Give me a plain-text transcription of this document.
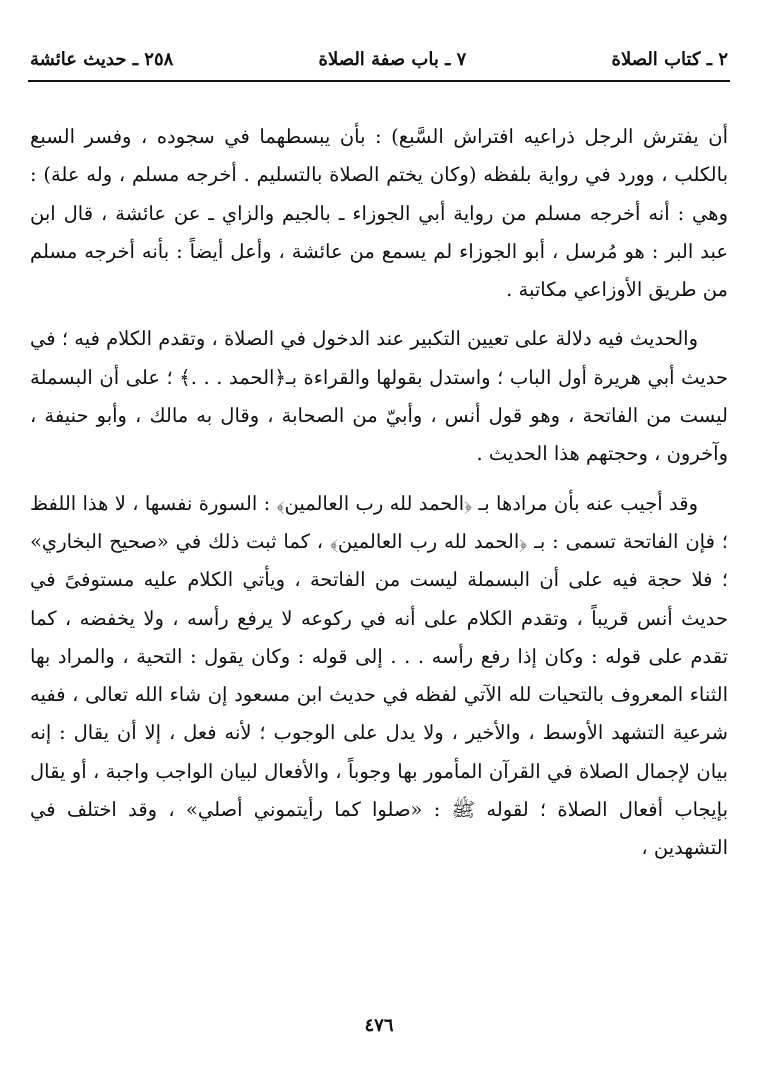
٢ ـ كتاب الصلاة
٧ ـ باب صفة الصلاة
٢٥٨ ـ حديث عائشة

أن يفترش الرجل ذراعيه افتراش السَّبع) : بأن يبسطهما في سجوده ، وفسر السبع بالكلب ، وورد في رواية بلفظه (وكان يختم الصلاة بالتسليم . أخرجه مسلم ، وله علة) : وهي : أنه أخرجه مسلم من رواية أبي الجوزاء ـ بالجيم والزاي ـ عن عائشة ، قال ابن عبد البر : هو مُرسل ، أبو الجوزاء لم يسمع من عائشة ، وأعل أيضاً : بأنه أخرجه مسلم من طريق الأوزاعي مكاتبة .

والحديث فيه دلالة على تعيين التكبير عند الدخول في الصلاة ، وتقدم الكلام فيه ؛ في حديث أبي هريرة أول الباب ؛ واستدل بقولها والقراءة بـ﴿الحمد . . .﴾ ؛ على أن البسملة ليست من الفاتحة ، وهو قول أنس ، وأبيّ من الصحابة ، وقال به مالك ، وأبو حنيفة ، وآخرون ، وحجتهم هذا الحديث .

وقد أجيب عنه بأن مرادها بـ ﴿الحمد لله رب العالمين﴾ : السورة نفسها ، لا هذا اللفظ ؛ فإن الفاتحة تسمى : بـ ﴿الحمد لله رب العالمين﴾ ، كما ثبت ذلك في «صحيح البخاري» ؛ فلا حجة فيه على أن البسملة ليست من الفاتحة ، ويأتي الكلام عليه مستوفىً في حديث أنس قريباً ، وتقدم الكلام على أنه في ركوعه لا يرفع رأسه ، ولا يخفضه ، كما تقدم على قوله : وكان إذا رفع رأسه . . . إلى قوله : وكان يقول : التحية ، والمراد بها الثناء المعروف بالتحيات لله الآتي لفظه في حديث ابن مسعود إن شاء الله تعالى ، ففيه شرعية التشهد الأوسط ، والأخير ، ولا يدل على الوجوب ؛ لأنه فعل ، إلا أن يقال : إنه بيان لإجمال الصلاة في القرآن المأمور بها وجوباً ، والأفعال لبيان الواجب واجبة ، أو يقال بإيجاب أفعال الصلاة ؛ لقوله ﷺ : «صلوا كما رأيتموني أصلي» ، وقد اختلف في التشهدين ،

٤٧٦
